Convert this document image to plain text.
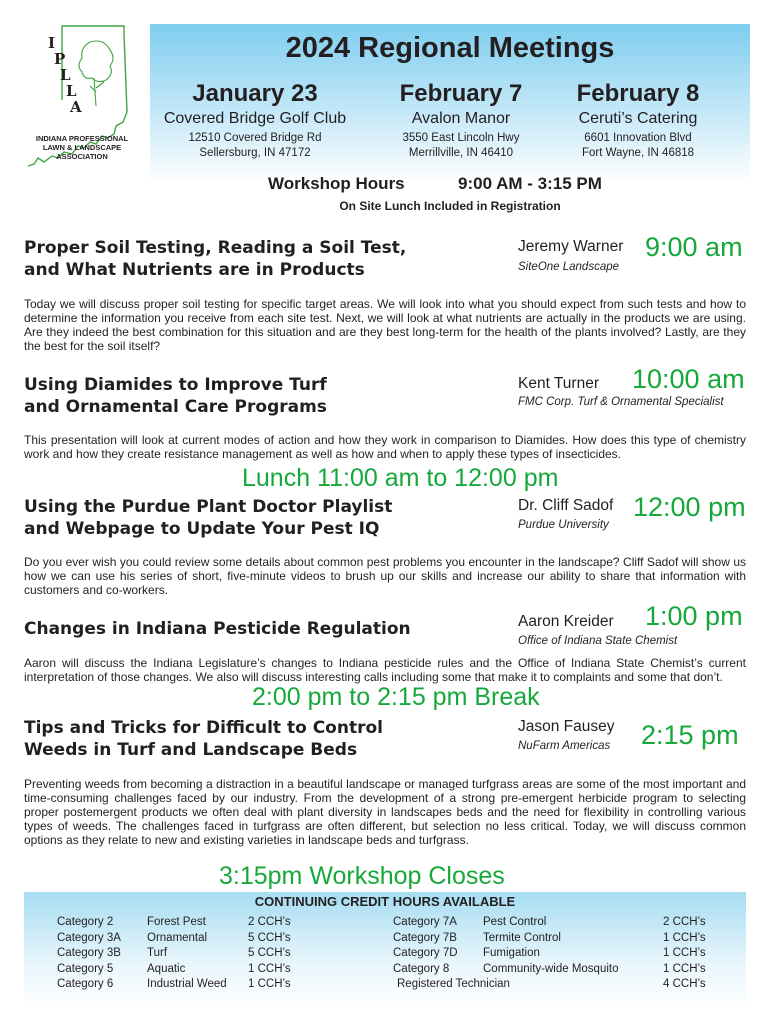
I
P
L
L
A
INDIANA PROFESSIONAL
LAWN & LANDSCAPE
ASSOCIATION
2024 Regional Meetings
January 23
Covered Bridge Golf Club
12510 Covered Bridge Rd
Sellersburg, IN 47172
February 7
Avalon Manor
3550 East Lincoln Hwy
Merrillville, IN 46410
February 8
Ceruti’s Catering
6601 Innovation Blvd
Fort Wayne, IN 46818
Workshop Hours	9:00 AM - 3:15 PM
On Site Lunch Included in Registration
Proper Soil Testing, Reading a Soil Test,
and What Nutrients are in Products
Jeremy Warner
SiteOne Landscape
9:00 am
Today we will discuss proper soil testing for specific target areas. We will look into what you should expect from such tests and how to determine the information you receive from each site test. Next, we will look at what nutrients are actually in the products we are using. Are they indeed the best combination for this situation and are they best long-term for the health of the plants involved? Lastly, are they the best for the soil itself?
Using Diamides to Improve Turf
and Ornamental Care Programs
Kent Turner
FMC Corp. Turf & Ornamental Specialist
10:00 am
This presentation will look at current modes of action and how they work in comparison to Diamides. How does this type of chemistry work and how they create resistance management as well as how and when to apply these types of insecticides.
Lunch 11:00 am to 12:00 pm
Using the Purdue Plant Doctor Playlist
and Webpage to Update Your Pest IQ
Dr. Cliff Sadof
Purdue University
12:00 pm
Do you ever wish you could review some details about common pest problems you encounter in the landscape? Cliff Sadof will show us how we can use his series of short, five-minute videos to brush up our skills and increase our ability to share that information with customers and co-workers.
Changes in Indiana Pesticide Regulation	Aaron Kreider
Office of Indiana State Chemist
1:00 pm
Aaron will discuss the Indiana Legislature’s changes to Indiana pesticide rules and the Office of Indiana State Chemist’s current interpretation of those changes. We also will discuss interesting calls including some that make it to complaints and some that don’t.
2:00 pm to 2:15 pm Break
Tips and Tricks for Difficult to Control
Weeds in Turf and Landscape Beds
Jason Fausey
NuFarm Americas 2:15 pm
Preventing weeds from becoming a distraction in a beautiful landscape or managed turfgrass areas are some of the most important and time-consuming challenges faced by our industry. From the development of a strong pre-emergent herbicide program to selecting proper postemergent products we often deal with plant diversity in landscapes beds and the need for flexibility in controlling various types of weeds. The challenges faced in turfgrass are often different, but selection no less critical. Today, we will discuss common options as they relate to new and existing varieties in landscape beds and turfgrass.
3:15pm Workshop Closes
CONTINUING CREDIT HOURS AVAILABLE
Category 2
Category 3A
Category 3B
Category 5
Category 6
Forest Pest
Ornamental
Turf
Aquatic
Industrial Weed
2 CCH’s
5 CCH’s
5 CCH’s
1 CCH’s
1 CCH’s
Category 7A
Category 7B
Category 7D
Category 8
Registered Technician
Pest Control
Termite Control
Fumigation
Community-wide Mosquito
2 CCH’s
1 CCH’s
1 CCH’s
1 CCH’s
4 CCH’s
